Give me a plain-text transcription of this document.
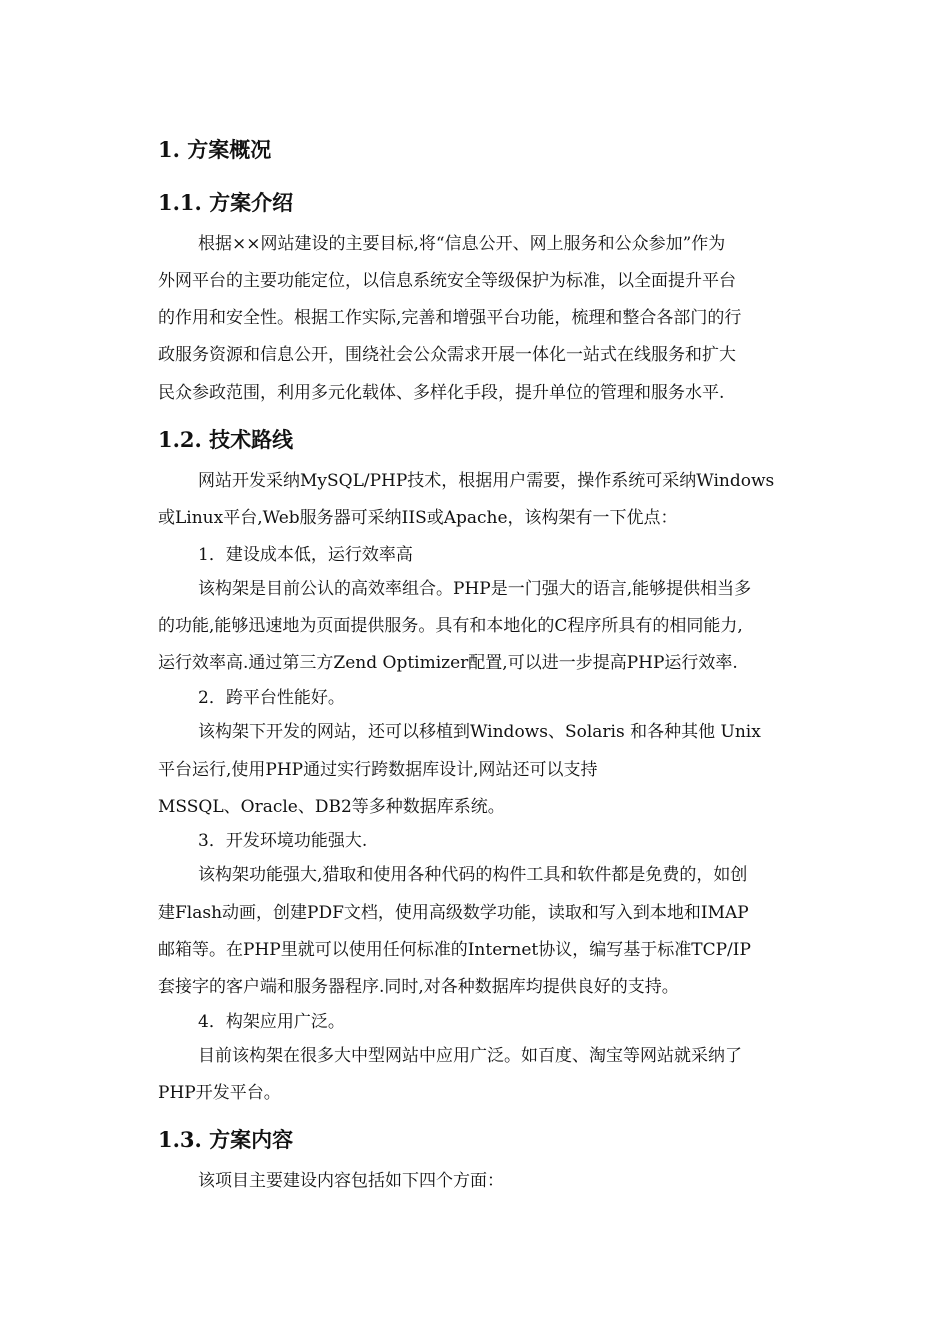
1. 方案概况
1.1. 方案介绍
根据××网站建设的主要目标,将“信息公开、网上服务和公众参加”作为
外网平台的主要功能定位，以信息系统安全等级保护为标准，以全面提升平台
的作用和安全性。根据工作实际,完善和增强平台功能，梳理和整合各部门的行
政服务资源和信息公开，围绕社会公众需求开展一体化一站式在线服务和扩大
民众参政范围，利用多元化载体、多样化手段，提升单位的管理和服务水平.
1.2. 技术路线
网站开发采纳MySQL/PHP技术，根据用户需要，操作系统可采纳Windows
或Linux平台,Web服务器可采纳IIS或Apache，该构架有一下优点：
1．建设成本低，运行效率高
该构架是目前公认的高效率组合。PHP是一门强大的语言,能够提供相当多
的功能,能够迅速地为页面提供服务。具有和本地化的C程序所具有的相同能力,
运行效率高.通过第三方Zend Optimizer配置,可以进一步提高PHP运行效率.
2．跨平台性能好。
该构架下开发的网站，还可以移植到Windows、Solaris 和各种其他 Unix
平台运行,使用PHP通过实行跨数据库设计,网站还可以支持
MSSQL、Oracle、DB2等多种数据库系统。
3．开发环境功能强大.
该构架功能强大,猎取和使用各种代码的构件工具和软件都是免费的，如创
建Flash动画，创建PDF文档，使用高级数学功能，读取和写入到本地和IMAP
邮箱等。在PHP里就可以使用任何标准的Internet协议，编写基于标准TCP/IP
套接字的客户端和服务器程序.同时,对各种数据库均提供良好的支持。
4．构架应用广泛。
目前该构架在很多大中型网站中应用广泛。如百度、淘宝等网站就采纳了
PHP开发平台。
1.3. 方案内容
该项目主要建设内容包括如下四个方面：
